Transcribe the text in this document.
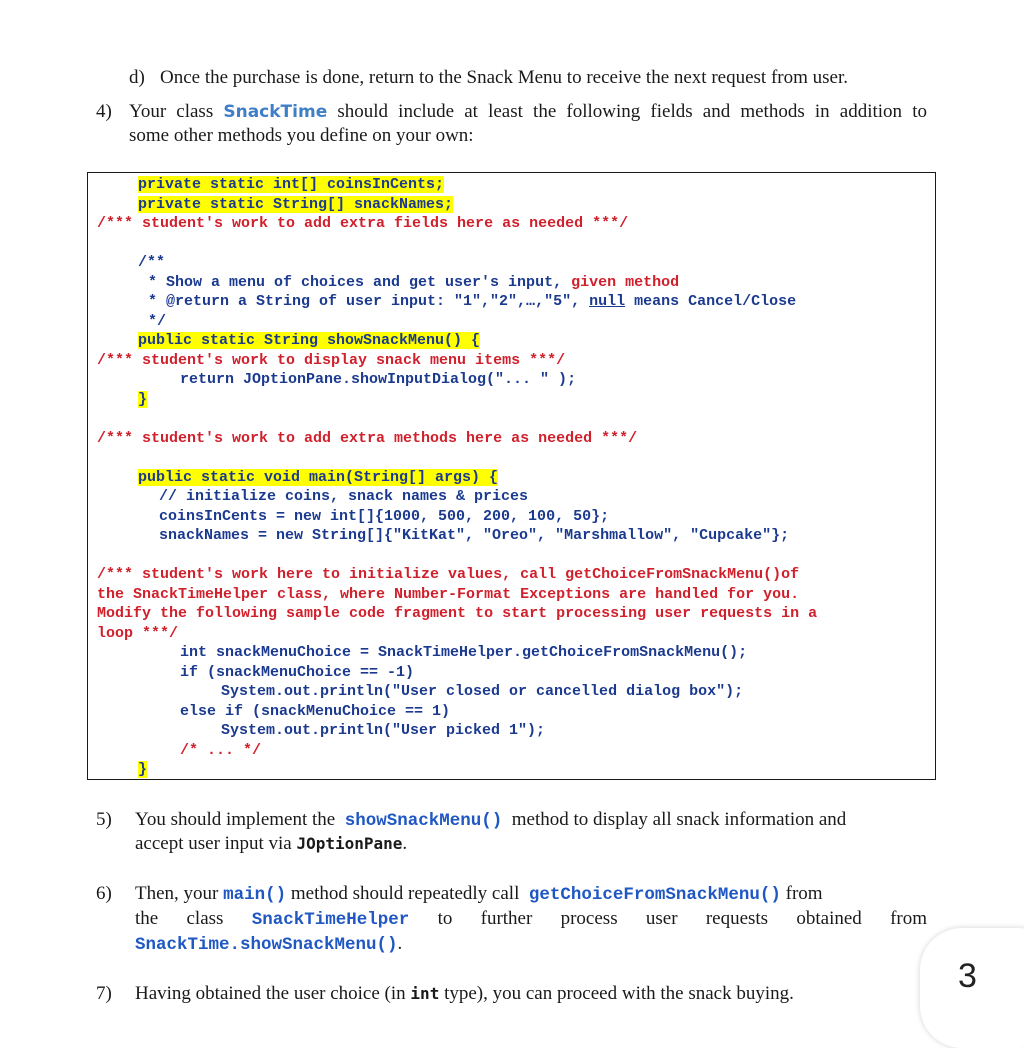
d) Once the purchase is done, return to the Snack Menu to receive the next request from user.
4) Your class SnackTime should include at least the following fields and methods in addition to
some other methods you define on your own:
private static int[] coinsInCents;
private static String[] snackNames;
/*** student's work to add extra fields here as needed ***/
/**
* Show a menu of choices and get user's input, given method
* @return a String of user input: "1","2",…,"5", null means Cancel/Close
*/
public static String showSnackMenu() {
/*** student's work to display snack menu items ***/
return JOptionPane.showInputDialog("... " );
}
/*** student's work to add extra methods here as needed ***/
public static void main(String[] args) {
// initialize coins, snack names & prices
coinsInCents = new int[]{1000, 500, 200, 100, 50};
snackNames = new String[]{"KitKat", "Oreo", "Marshmallow", "Cupcake"};
/*** student's work here to initialize values, call getChoiceFromSnackMenu()of
the SnackTimeHelper class, where Number-Format Exceptions are handled for you.
Modify the following sample code fragment to start processing user requests in a
loop ***/
int snackMenuChoice = SnackTimeHelper.getChoiceFromSnackMenu();
if (snackMenuChoice == -1)
System.out.println("User closed or cancelled dialog box");
else if (snackMenuChoice == 1)
System.out.println("User picked 1");
/* ... */
}
5) You should implement the showSnackMenu() method to display all snack information and
accept user input via JOptionPane.
6) Then, your main() method should repeatedly call getChoiceFromSnackMenu() from
the class SnackTimeHelper to further process user requests obtained from
SnackTime.showSnackMenu().
3
7) Having obtained the user choice (in int type), you can proceed with the snack buying.
